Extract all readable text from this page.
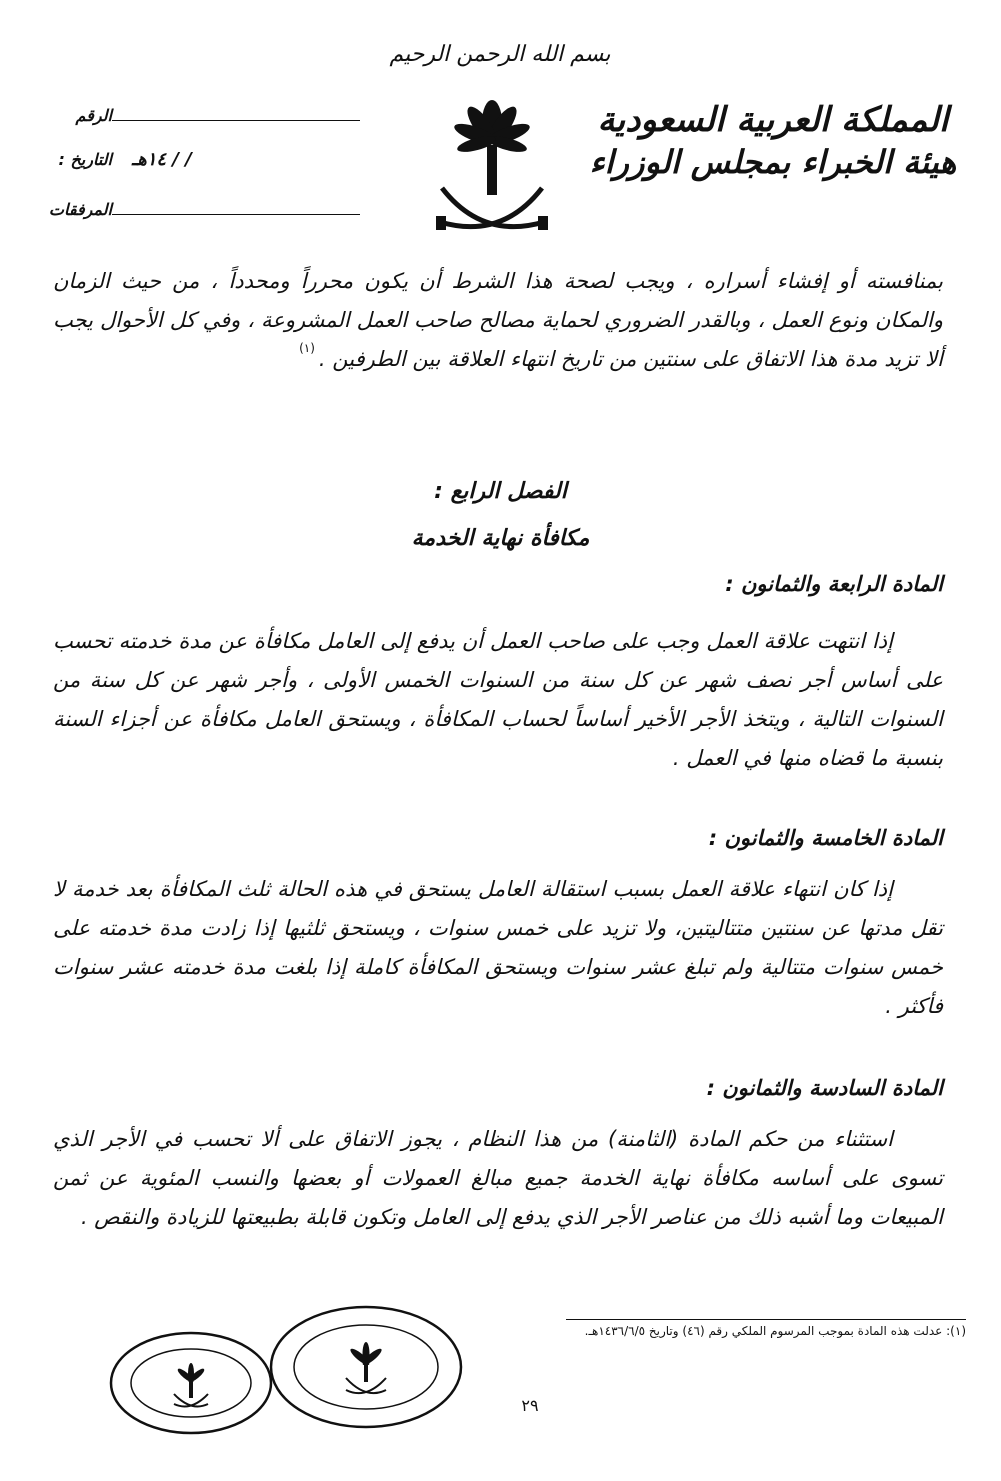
بسم الله الرحمن الرحيم
المملكة العربية السعودية
هيئة الخبراء بمجلس الوزراء
الرقم
التاريخ :	/ / ١٤هـ
المرفقات
بمنافسته أو إفشاء أسراره ، ويجب لصحة هذا الشرط أن يكون محرراً ومحدداً ، من حيث الزمان والمكان ونوع العمل ، وبالقدر الضروري لحماية مصالح صاحب العمل المشروعة ، وفي كل الأحوال يجب ألا تزيد مدة هذا الاتفاق على سنتين من تاريخ انتهاء العلاقة بين الطرفين .$^{(١)}$
الفصل الرابع :
مكافأة نهاية الخدمة
المادة الرابعة والثمانون :
إذا انتهت علاقة العمل وجب على صاحب العمل أن يدفع إلى العامل مكافأة عن مدة خدمته تحسب على أساس أجر نصف شهر عن كل سنة من السنوات الخمس الأولى ، وأجر شهر عن كل سنة من السنوات التالية ، ويتخذ الأجر الأخير أساساً لحساب المكافأة ، ويستحق العامل مكافأة عن أجزاء السنة بنسبة ما قضاه منها في العمل .
المادة الخامسة والثمانون :
إذا كان انتهاء علاقة العمل بسبب استقالة العامل يستحق في هذه الحالة ثلث المكافأة بعد خدمة لا تقل مدتها عن سنتين متتاليتين، ولا تزيد على خمس سنوات ، ويستحق ثلثيها إذا زادت مدة خدمته على خمس سنوات متتالية ولم تبلغ عشر سنوات ويستحق المكافأة كاملة إذا بلغت مدة خدمته عشر سنوات فأكثر .
المادة السادسة والثمانون :
استثناء من حكم المادة (الثامنة) من هذا النظام ، يجوز الاتفاق على ألا تحسب في الأجر الذي تسوى على أساسه مكافأة نهاية الخدمة جميع مبالغ العمولات أو بعضها والنسب المئوية عن ثمن المبيعات وما أشبه ذلك من عناصر الأجر الذي يدفع إلى العامل وتكون قابلة بطبيعتها للزيادة والنقص .
(١): عدلت هذه المادة بموجب المرسوم الملكي رقم (٤٦) وتاريخ ١٤٣٦/٦/٥هـ.
٢٩
